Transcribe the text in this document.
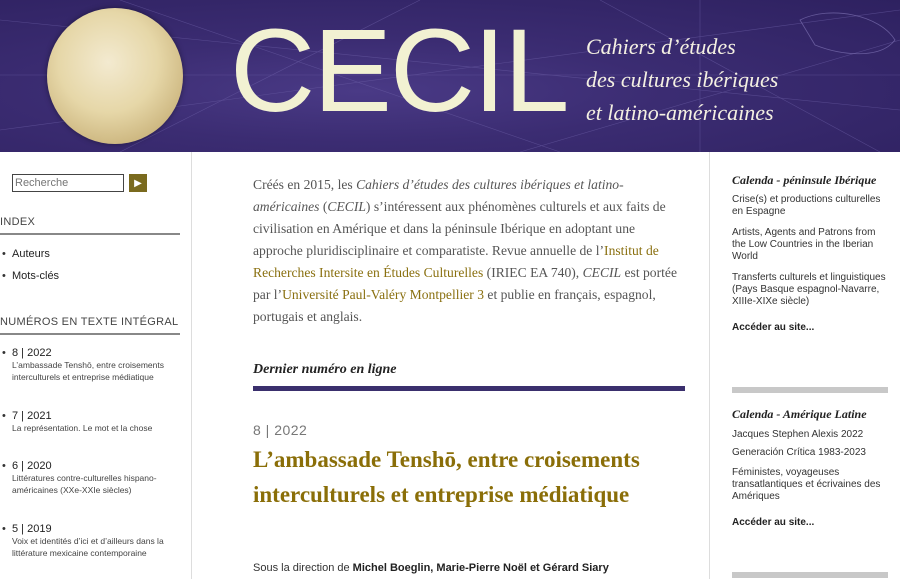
CECIL Cahiers d’études
des cultures ibériques
et latino-américaines
Recherche
▶
INDEX
• Auteurs
• Mots-clés
NUMÉROS EN TEXTE INTÉGRAL
• 8 | 2022
L’ambassade Tenshō, entre croisements interculturels et entreprise médiatique
• 7 | 2021
La représentation. Le mot et la chose
• 6 | 2020
Littératures contre-culturelles hispano-américaines (XXe-XXIe siècles)
• 5 | 2019
Voix et identités d’ici et d’ailleurs dans la littérature mexicaine contemporaine

Créés en 2015, les Cahiers d’études des cultures ibériques et latino-américaines (CECIL) s’intéressent aux phénomènes culturels et aux faits de civilisation en Amérique et dans la péninsule Ibérique en adoptant une approche pluridisciplinaire et comparatiste. Revue annuelle de l’Institut de Recherches Intersite en Études Culturelles (IRIEC EA 740), CECIL est portée par l’Université Paul-Valéry Montpellier 3 et publie en français, espagnol, portugais et anglais.

Dernier numéro en ligne
8 | 2022
L’ambassade Tenshō, entre croisements interculturels et entreprise médiatique
Sous la direction de Michel Boeglin, Marie-Pierre Noël et Gérard Siary
Calenda - péninsule Ibérique
Crise(s) et productions culturelles en Espagne
Artists, Agents and Patrons from the Low Countries in the Iberian World
Transferts culturels et linguistiques (Pays Basque espagnol-Navarre, XIIIe-XIXe siècle)
Accéder au site...
Calenda - Amérique Latine
Jacques Stephen Alexis 2022
Generación Crítica 1983-2023
Féministes, voyageuses transatlantiques et écrivaines des Amériques
Accéder au site...
